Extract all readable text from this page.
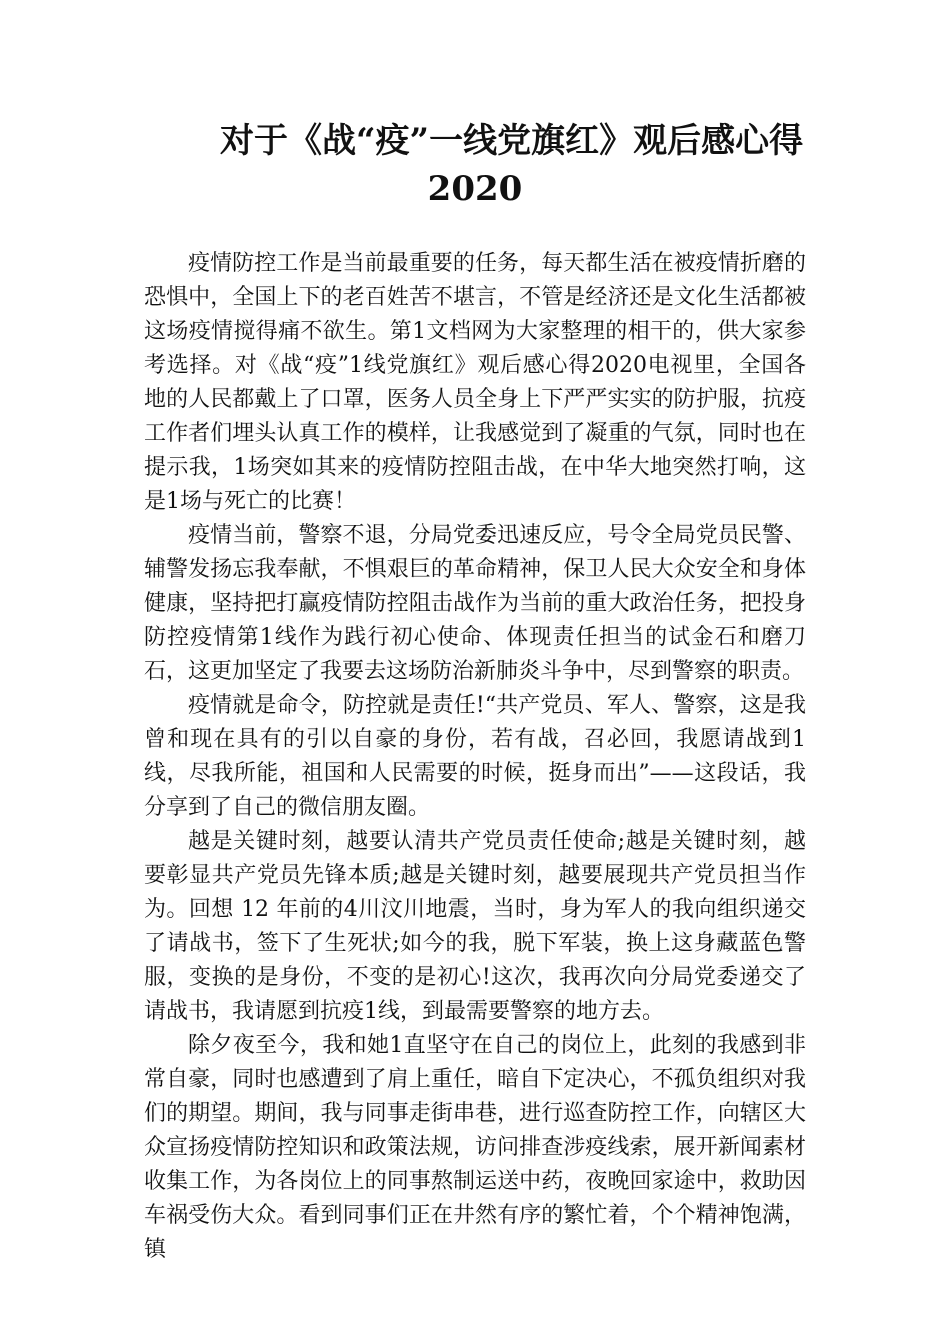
对于《战“疫”一线党旗红》观后感心得
2020

疫情防控工作是当前最重要的任务，每天都生活在被疫情折磨的恐惧中，全国上下的老百姓苦不堪言，不管是经济还是文化生活都被这场疫情搅得痛不欲生。第1文档网为大家整理的相干的，供大家参考选择。对《战“疫”1线党旗红》观后感心得2020电视里，全国各地的人民都戴上了口罩，医务人员全身上下严严实实的防护服，抗疫工作者们埋头认真工作的模样，让我感觉到了凝重的气氛，同时也在提示我，1场突如其来的疫情防控阻击战，在中华大地突然打响，这是1场与死亡的比赛！

疫情当前，警察不退，分局党委迅速反应，号令全局党员民警、辅警发扬忘我奉献，不惧艰巨的革命精神，保卫人民大众安全和身体健康，坚持把打赢疫情防控阻击战作为当前的重大政治任务，把投身防控疫情第1线作为践行初心使命、体现责任担当的试金石和磨刀石，这更加坚定了我要去这场防治新肺炎斗争中，尽到警察的职责。

疫情就是命令，防控就是责任!“共产党员、军人、警察，这是我曾和现在具有的引以自豪的身份，若有战，召必回，我愿请战到1线，尽我所能，祖国和人民需要的时候，挺身而出”——这段话，我分享到了自己的微信朋友圈。

越是关键时刻，越要认清共产党员责任使命;越是关键时刻，越要彰显共产党员先锋本质;越是关键时刻，越要展现共产党员担当作为。回想 12 年前的4川汶川地震，当时，身为军人的我向组织递交了请战书，签下了生死状;如今的我，脱下军装，换上这身藏蓝色警服，变换的是身份，不变的是初心!这次，我再次向分局党委递交了请战书，我请愿到抗疫1线，到最需要警察的地方去。

除夕夜至今，我和她1直坚守在自己的岗位上，此刻的我感到非常自豪，同时也感遭到了肩上重任，暗自下定决心，不孤负组织对我们的期望。期间，我与同事走街串巷，进行巡查防控工作，向辖区大众宣扬疫情防控知识和政策法规，访问排查涉疫线索，展开新闻素材收集工作，为各岗位上的同事熬制运送中药，夜晚回家途中，救助因车祸受伤大众。看到同事们正在井然有序的繁忙着，个个精神饱满，镇
